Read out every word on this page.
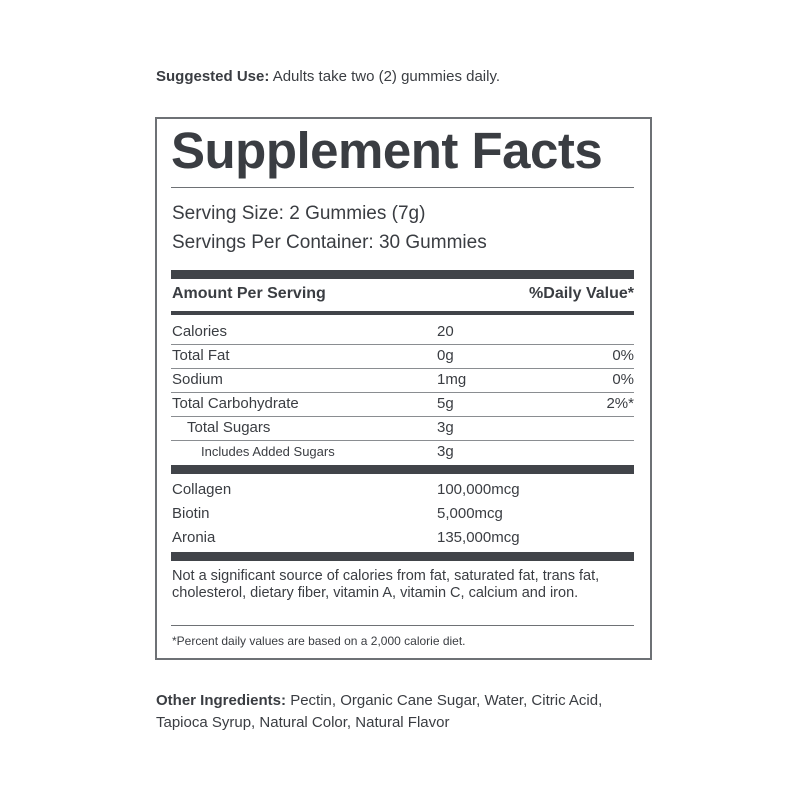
Suggested Use: Adults take two (2) gummies daily.
Supplement Facts
Serving Size: 2 Gummies (7g)
Servings Per Container: 30 Gummies
Amount Per Serving	%Daily Value*
Calories	20
Total Fat	0g	0%
Sodium	1mg	0%
Total Carbohydrate	5g	2%*
Total Sugars	3g
Includes Added Sugars	3g
Collagen	100,000mcg
Biotin	5,000mcg
Aronia	135,000mcg
Not a significant source of calories from fat, saturated fat, trans fat, cholesterol, dietary fiber, vitamin A, vitamin C, calcium and iron.
*Percent daily values are based on a 2,000 calorie diet.
Other Ingredients: Pectin, Organic Cane Sugar, Water, Citric Acid, Tapioca Syrup, Natural Color, Natural Flavor
